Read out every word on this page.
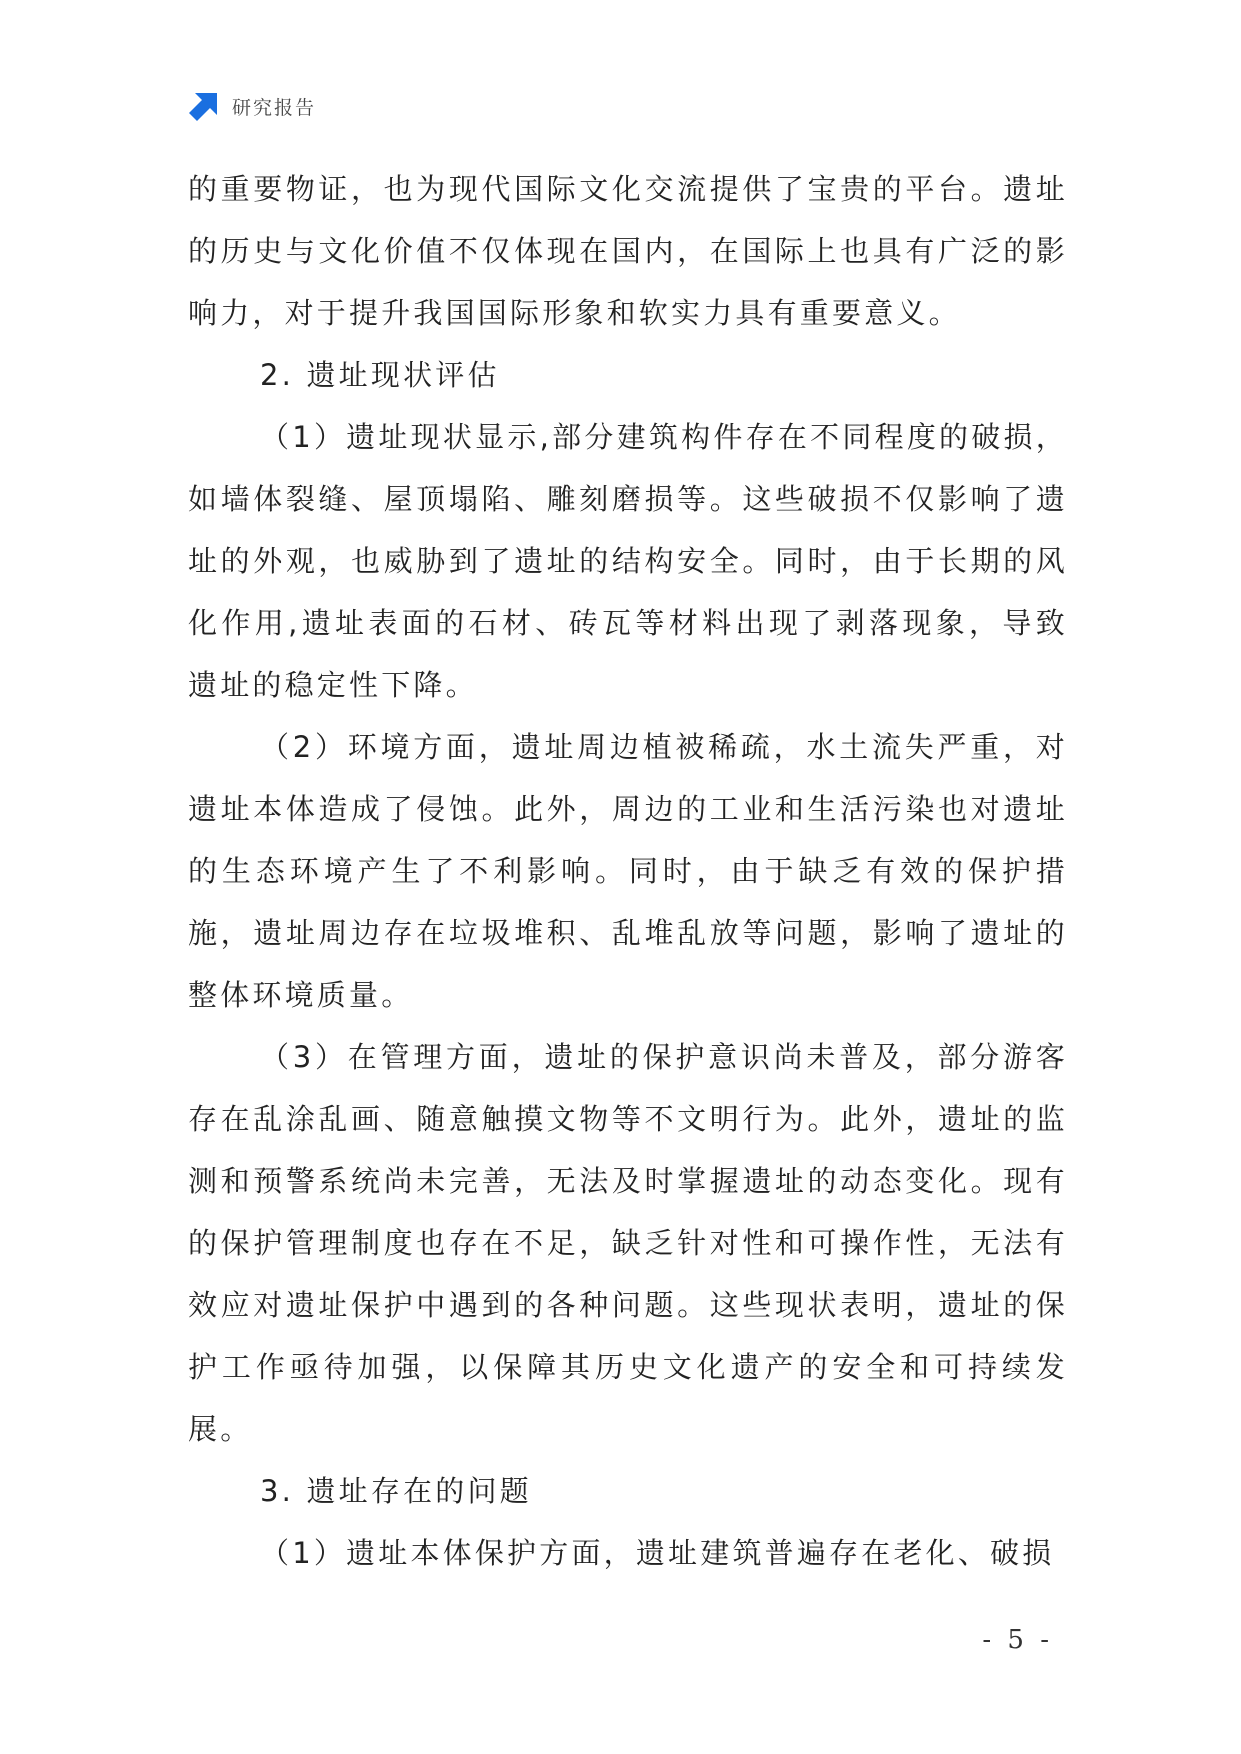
研究报告

的重要物证，也为现代国际文化交流提供了宝贵的平台。遗址的历史与文化价值不仅体现在国内，在国际上也具有广泛的影响力，对于提升我国国际形象和软实力具有重要意义。

2. 遗址现状评估

（1）遗址现状显示,部分建筑构件存在不同程度的破损，如墙体裂缝、屋顶塌陷、雕刻磨损等。这些破损不仅影响了遗址的外观，也威胁到了遗址的结构安全。同时，由于长期的风化作用,遗址表面的石材、砖瓦等材料出现了剥落现象，导致遗址的稳定性下降。

（2）环境方面，遗址周边植被稀疏，水土流失严重，对遗址本体造成了侵蚀。此外，周边的工业和生活污染也对遗址的生态环境产生了不利影响。同时，由于缺乏有效的保护措施，遗址周边存在垃圾堆积、乱堆乱放等问题，影响了遗址的整体环境质量。

（3）在管理方面，遗址的保护意识尚未普及，部分游客存在乱涂乱画、随意触摸文物等不文明行为。此外，遗址的监测和预警系统尚未完善，无法及时掌握遗址的动态变化。现有的保护管理制度也存在不足，缺乏针对性和可操作性，无法有效应对遗址保护中遇到的各种问题。这些现状表明，遗址的保护工作亟待加强，以保障其历史文化遗产的安全和可持续发展。

3. 遗址存在的问题

（1）遗址本体保护方面，遗址建筑普遍存在老化、破损

- 5 -
